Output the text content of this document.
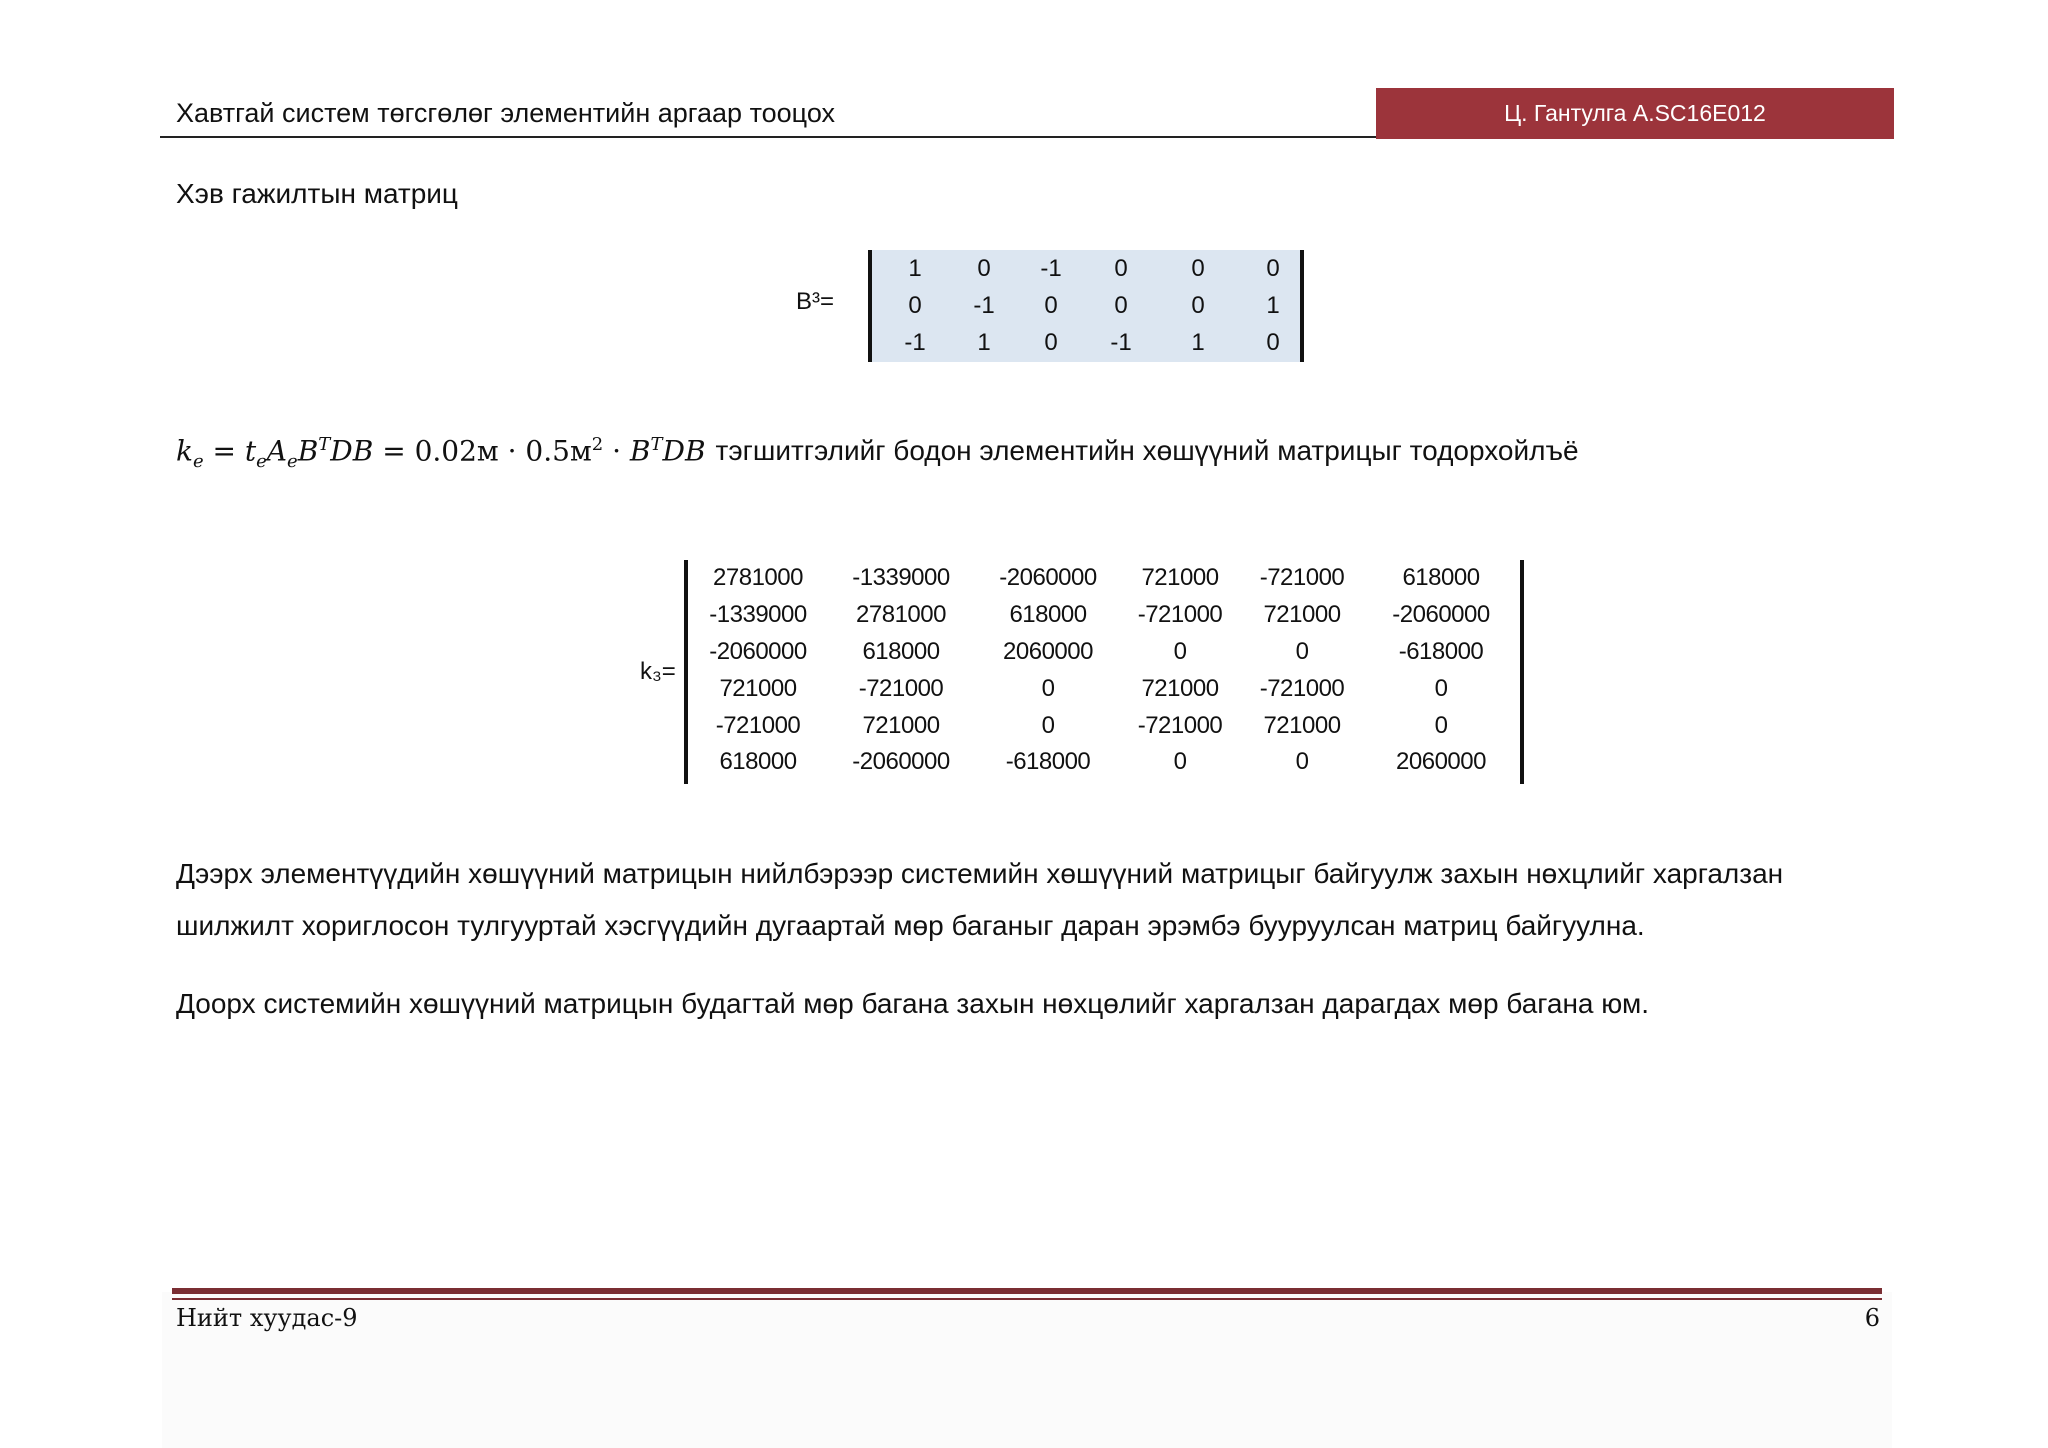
Хавтгай систем төгсгөлөг элементийн аргаар тооцох	Ц. Гантулга A.SC16E012
Хэв гажилтын матриц
B³=
1	0	-1	0	0	0
0	-1	0	0	0	1
-1	1	0	-1	1	0
$k_e = t_eA_eB^TDB = 0.02м \cdot 0.5м^2 \cdot B^TDB$ тэгшитгэлийг бодон элементийн хөшүүний матрицыг тодорхойлъё
k₃=
2781000	-1339000	-2060000	721000	-721000	618000
-1339000	2781000	618000	-721000	721000	-2060000
-2060000	618000	2060000	0	0	-618000
721000	-721000	0	721000	-721000	0
-721000	721000	0	-721000	721000	0
618000	-2060000	-618000	0	0	2060000
Дээрх элементүүдийн хөшүүний матрицын нийлбэрээр системийн хөшүүний матрицыг байгуулж захын нөхцлийг харгалзан шилжилт хориглосон тулгууртай хэсгүүдийн дугаартай мөр баганыг даран эрэмбэ бууруулсан матриц байгуулна.
Доорх системийн хөшүүний матрицын будагтай мөр багана захын нөхцөлийг харгалзан дарагдах мөр багана юм.
Нийт хуудас-9	6
